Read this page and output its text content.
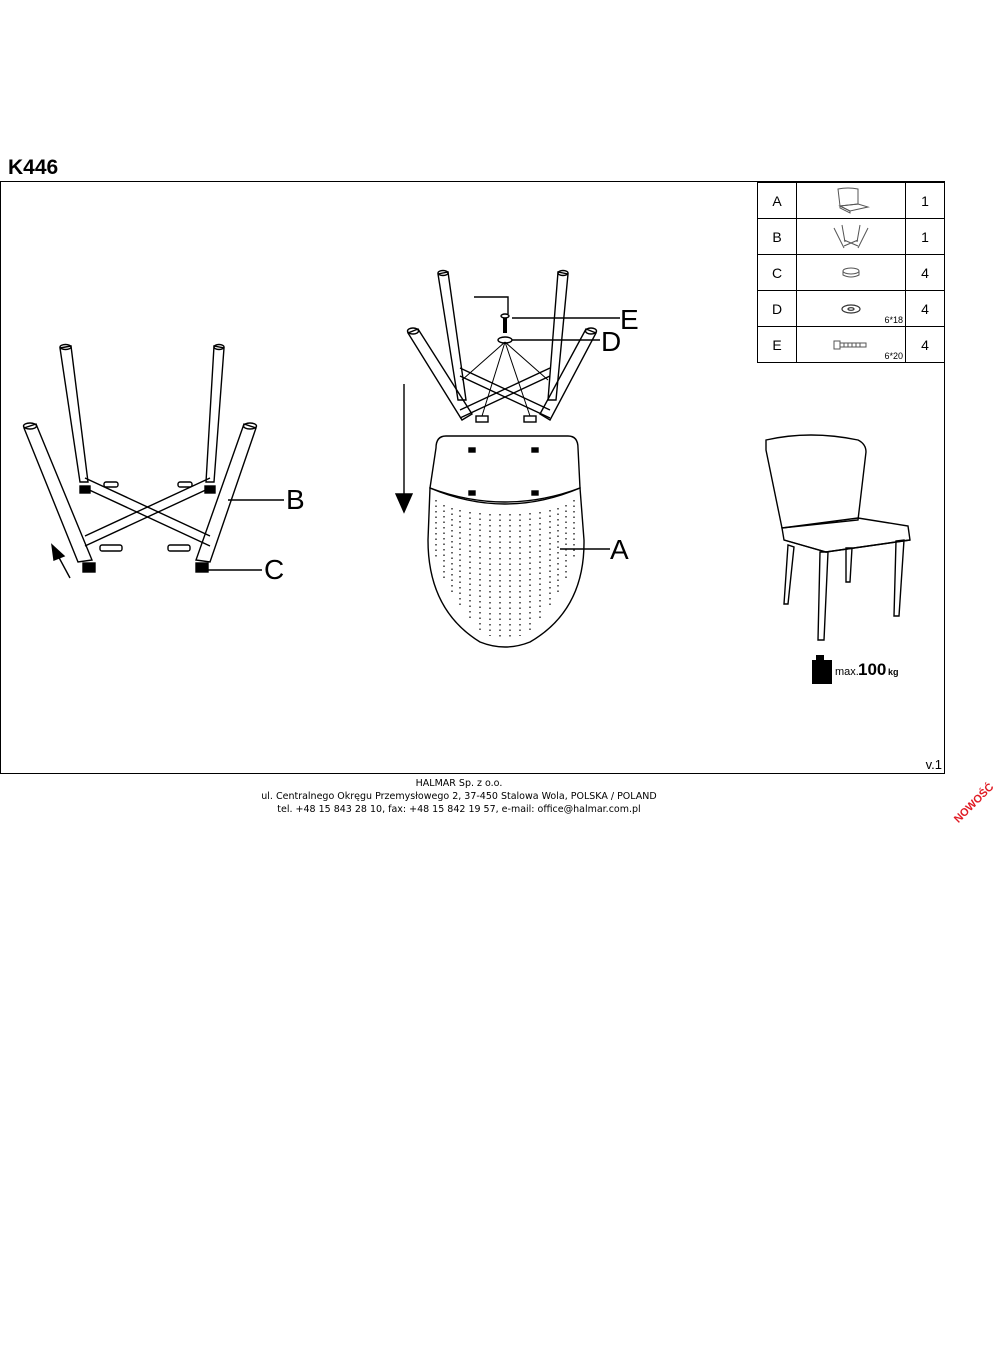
K446
v.1
B
C
E
D
A
max. 100 kg
A		1
B		1
C		4
D	6*18	4
E	6*20	4
HALMAR Sp. z o.o.
ul. Centralnego Okręgu Przemysłowego 2, 37-450 Stalowa Wola, POLSKA / POLAND
tel. +48 15 843 28 10, fax: +48 15 842 19 57, e-mail: office@halmar.com.pl	NOWOŚĆ
